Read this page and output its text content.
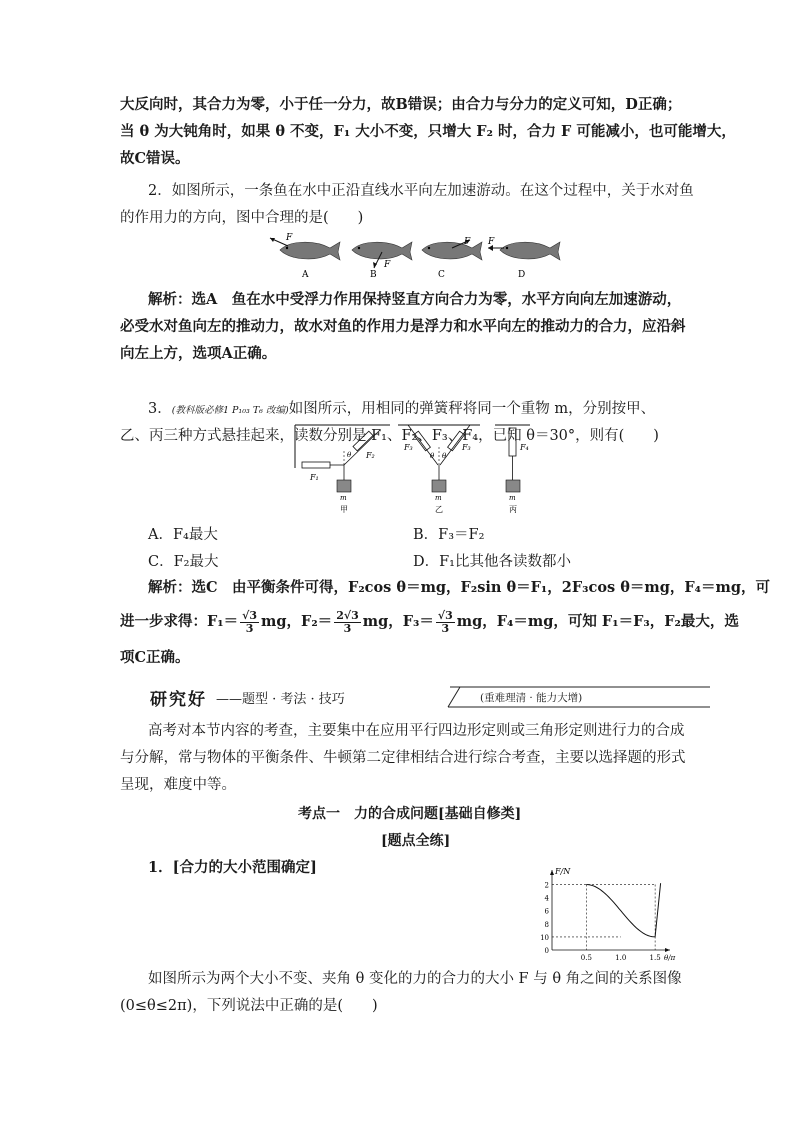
大反向时，其合力为零，小于任一分力，故B错误；由合力与分力的定义可知，D正确；
当 θ 为大钝角时，如果 θ 不变，F₁ 大小不变，只增大 F₂ 时，合力 F 可能减小，也可能增大，
故C错误。
2．如图所示，一条鱼在水中正沿直线水平向左加速游动。在这个过程中，关于水对鱼
的作用力的方向，图中合理的是(　　)
F
A
F
B
F
C
F
D
解析：选A　鱼在水中受浮力作用保持竖直方向合力为零，水平方向向左加速游动，
必受水对鱼向左的推动力，故水对鱼的作用力是浮力和水平向左的推动力的合力，应沿斜
向左上方，选项A正确。
3．(教科版必修1 P₁₀₃ T₆ 改编)如图所示，用相同的弹簧秤将同一个重物 m，分别按甲、
乙、丙三种方式悬挂起来，读数分别是 F₁、F₂、F₃、F₄，已知 θ＝30°，则有(　　)
θ
F₁
F₂
m
甲
F₃	F₃
θ θ
m
乙
F₄
m
丙
A．F₄最大	B．F₃＝F₂
C．F₂最大	D．F₁比其他各读数都小
解析：选C　由平衡条件可得，F₂cos θ＝mg，F₂sin θ＝F₁，2F₃cos θ＝mg，F₄＝mg，可
进一步求得：$F_1= \frac{√3}{3}$ mg，$F_2= \frac{2√3}{3}$ mg，$F_3= \frac{√3}{3}$ mg，F₄＝mg，可知 F₁＝F₃，F₂最大，选
项C正确。
研究好 ——题型 · 考法 · 技巧	(重难理清 · 能力大增)
高考对本节内容的考查，主要集中在应用平行四边形定则或三角形定则进行力的合成
与分解，常与物体的平衡条件、牛顿第二定律相结合进行综合考查，主要以选择题的形式
呈现，难度中等。
考点一　力的合成问题[基础自修类]
[题点全练]
1．[合力的大小范围确定]	F/N
θ/π
10
8
6
4
2
0
0.5	1.0	1.5
如图所示为两个大小不变、夹角 θ 变化的力的合力的大小 F 与 θ 角之间的关系图像
(0≤θ≤2π)，下列说法中正确的是(　　)
